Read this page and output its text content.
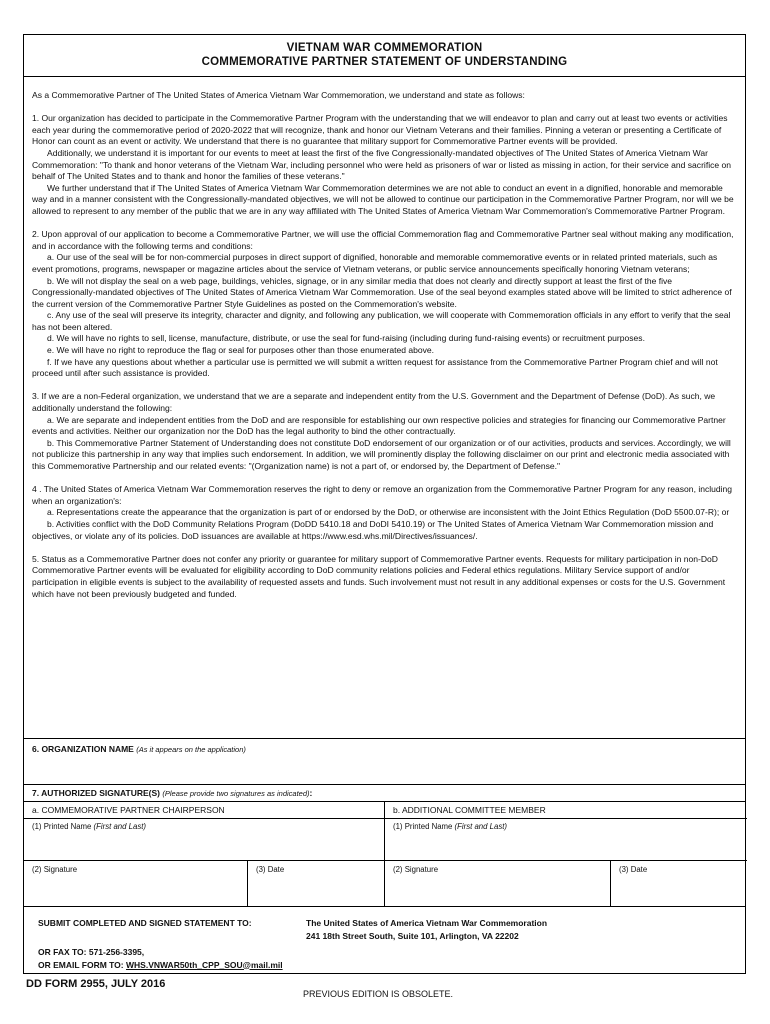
VIETNAM WAR COMMEMORATION
COMMEMORATIVE PARTNER STATEMENT OF UNDERSTANDING

As a Commemorative Partner of The United States of America Vietnam War Commemoration, we understand and state as follows:

1. Our organization has decided to participate in the Commemorative Partner Program with the understanding that we will endeavor to plan and carry out at least two events or activities each year during the commemorative period of 2020-2022 that will recognize, thank and honor our Vietnam Veterans and their families. Pinning a veteran or presenting a Certificate of Honor can count as an event or activity. We understand that there is no guarantee that military support for Commemorative Partner events will be provided.

Additionally, we understand it is important for our events to meet at least the first of the five Congressionally-mandated objectives of The United States of America Vietnam War Commemoration: "To thank and honor veterans of the Vietnam War, including personnel who were held as prisoners of war or listed as missing in action, for their service and sacrifice on behalf of The United States and to thank and honor the families of these veterans."

We further understand that if The United States of America Vietnam War Commemoration determines we are not able to conduct an event in a dignified, honorable and memorable way and in a manner consistent with the Congressionally-mandated objectives, we will not be allowed to continue our participation in the Commemorative Partner Program, nor will we be allowed to represent to any member of the public that we are in any way affiliated with The United States of America Vietnam War Commemoration's Commemorative Partner Program.

2. Upon approval of our application to become a Commemorative Partner, we will use the official Commemoration flag and Commemorative Partner seal without making any modification, and in accordance with the following terms and conditions:

a. Our use of the seal will be for non-commercial purposes in direct support of dignified, honorable and memorable commemorative events or in related printed materials, such as event promotions, programs, newspaper or magazine articles about the service of Vietnam veterans, or public service announcements specifically honoring Vietnam veterans;

b. We will not display the seal on a web page, buildings, vehicles, signage, or in any similar media that does not clearly and directly support at least the first of the five Congressionally-mandated objectives of The United States of America Vietnam War Commemoration. Use of the seal beyond examples stated above will be limited to strict adherence of the current version of the Commemorative Partner Style Guidelines as posted on the Commemoration's website.

c. Any use of the seal will preserve its integrity, character and dignity, and following any publication, we will cooperate with Commemoration officials in any effort to verify that the seal has not been altered.

d. We will have no rights to sell, license, manufacture, distribute, or use the seal for fund-raising (including during fund-raising events) or recruitment purposes.

e. We will have no right to reproduce the flag or seal for purposes other than those enumerated above.

f. If we have any questions about whether a particular use is permitted we will submit a written request for assistance from the Commemorative Partner Program chief and will not proceed until after such assistance is provided.

3. If we are a non-Federal organization, we understand that we are a separate and independent entity from the U.S. Government and the Department of Defense (DoD). As such, we additionally understand the following:

a. We are separate and independent entities from the DoD and are responsible for establishing our own respective policies and strategies for financing our Commemorative Partner events and activities. Neither our organization nor the DoD has the legal authority to bind the other contractually.

b. This Commemorative Partner Statement of Understanding does not constitute DoD endorsement of our organization or of our activities, products and services. Accordingly, we will not publicize this partnership in any way that implies such endorsement. In addition, we will prominently display the following disclaimer on our print and electronic media associated with this Commemorative Partnership and our related events: "(Organization name) is not a part of, or endorsed by, the Department of Defense."

4 . The United States of America Vietnam War Commemoration reserves the right to deny or remove an organization from the Commemorative Partner Program for any reason, including when an organization's:

a. Representations create the appearance that the organization is part of or endorsed by the DoD, or otherwise are inconsistent with the Joint Ethics Regulation (DoD 5500.07-R); or

b. Activities conflict with the DoD Community Relations Program (DoDD 5410.18 and DoDI 5410.19) or The United States of America Vietnam War Commemoration mission and objectives, or violate any of its policies. DoD issuances are available at https://www.esd.whs.mil/Directives/issuances/.

5. Status as a Commemorative Partner does not confer any priority or guarantee for military support of Commemorative Partner events. Requests for military participation in non-DoD Commemorative Partner events will be evaluated for eligibility according to DoD community relations policies and Federal ethics regulations. Military Service support of and/or participation in eligible events is subject to the availability of requested assets and funds. Such involvement must not result in any additional expenses or costs for the U.S. Government which have not been previously budgeted and funded.

6. ORGANIZATION NAME (As it appears on the application)
7. AUTHORIZED SIGNATURE(S) (Please provide two signatures as indicated):
a. COMMEMORATIVE PARTNER CHAIRPERSON	b. ADDITIONAL COMMITTEE MEMBER
(1) Printed Name (First and Last)	(1) Printed Name (First and Last)
(2) Signature	(3) Date	(2) Signature	(3) Date
SUBMIT COMPLETED AND SIGNED STATEMENT TO:	The United States of America Vietnam War Commemoration
241 18th Street South, Suite 101, Arlington, VA 22202
OR FAX TO: 571-256-3395,
OR EMAIL FORM TO: WHS.VNWAR50th_CPP_SOU@mail.mil
DD FORM 2955, JULY 2016
PREVIOUS EDITION IS OBSOLETE.
